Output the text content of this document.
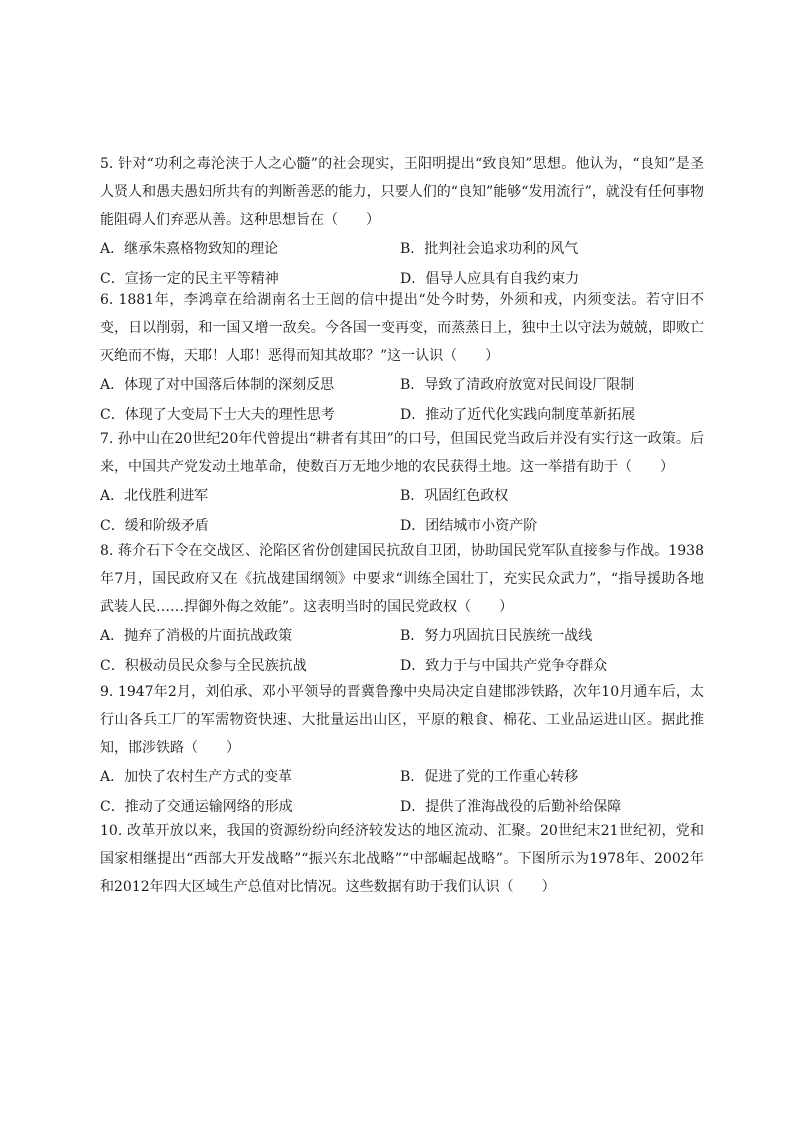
5. 针对“功利之毒沦浃于人之心髓”的社会现实，王阳明提出“致良知”思想。他认为，“良知”是圣人贤人和愚夫愚妇所共有的判断善恶的能力，只要人们的“良知”能够“发用流行”，就没有任何事物能阻碍人们弃恶从善。这种思想旨在（　　）

A．继承朱熹格物致知的理论	B．批判社会追求功利的风气
C．宣扬一定的民主平等精神	D．倡导人应具有自我约束力

6. 1881年，李鸿章在给湖南名士王闿的信中提出“处今时势，外须和戎，内须变法。若守旧不变，日以削弱，和一国又增一敌矣。今各国一变再变，而蒸蒸日上，独中土以守法为兢兢，即败亡灭绝而不悔，天耶！人耶！恶得而知其故耶？”这一认识（　　）

A．体现了对中国落后体制的深刻反思	B．导致了清政府放宽对民间设厂限制
C．体现了大变局下士大夫的理性思考	D．推动了近代化实践向制度革新拓展

7. 孙中山在20世纪20年代曾提出“耕者有其田”的口号，但国民党当政后并没有实行这一政策。后来，中国共产党发动土地革命，使数百万无地少地的农民获得土地。这一举措有助于（　　）

A．北伐胜利进军	B．巩固红色政权
C．缓和阶级矛盾	D．团结城市小资产阶

8. 蒋介石下令在交战区、沦陷区省份创建国民抗敌自卫团，协助国民党军队直接参与作战。1938年7月，国民政府又在《抗战建国纲领》中要求“训练全国壮丁，充实民众武力”，“指导援助各地武装人民……捍御外侮之效能”。这表明当时的国民党政权（　　）

A．抛弃了消极的片面抗战政策	B．努力巩固抗日民族统一战线
C．积极动员民众参与全民族抗战	D．致力于与中国共产党争夺群众

9. 1947年2月，刘伯承、邓小平领导的晋冀鲁豫中央局决定自建邯涉铁路，次年10月通车后，太行山各兵工厂的军需物资快速、大批量运出山区，平原的粮食、棉花、工业品运进山区。据此推知，邯涉铁路（　　）

A．加快了农村生产方式的变革	B．促进了党的工作重心转移
C．推动了交通运输网络的形成	D．提供了淮海战役的后勤补给保障

10. 改革开放以来，我国的资源纷纷向经济较发达的地区流动、汇聚。20世纪末21世纪初，党和国家相继提出“西部大开发战略”“振兴东北战略”“中部崛起战略”。下图所示为1978年、2002年和2012年四大区域生产总值对比情况。这些数据有助于我们认识（　　）
